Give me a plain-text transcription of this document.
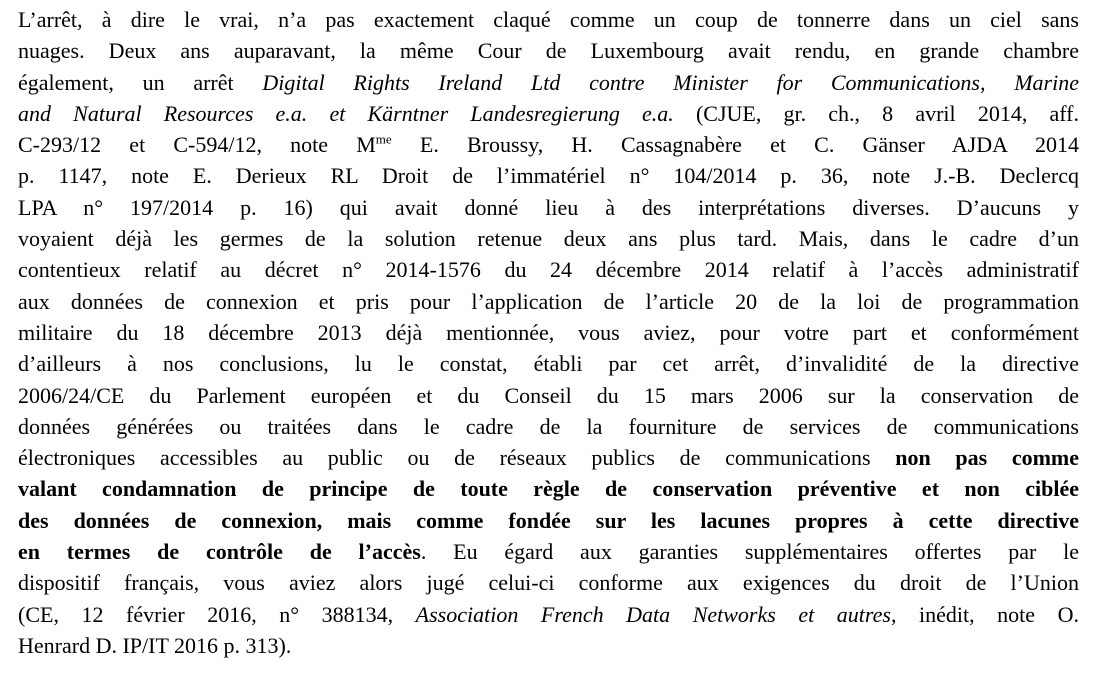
L’arrêt, à dire le vrai, n’a pas exactement claqué comme un coup de tonnerre dans un ciel sans
nuages. Deux ans auparavant, la même Cour de Luxembourg avait rendu, en grande chambre
également, un arrêt Digital Rights Ireland Ltd contre Minister for Communications, Marine
and Natural Resources e.a. et Kärntner Landesregierung e.a. (CJUE, gr. ch., 8 avril 2014, aff.
C-293/12 et C-594/12, note $M^{me}$ E. Broussy, H. Cassagnabère et C. Gänser AJDA 2014
p. 1147, note E. Derieux RL Droit de l’immatériel n° 104/2014 p. 36, note J.-B. Declercq
LPA n° 197/2014 p. 16) qui avait donné lieu à des interprétations diverses. D’aucuns y
voyaient déjà les germes de la solution retenue deux ans plus tard. Mais, dans le cadre d’un
contentieux relatif au décret n° 2014-1576 du 24 décembre 2014 relatif à l’accès administratif
aux données de connexion et pris pour l’application de l’article 20 de la loi de programmation
militaire du 18 décembre 2013 déjà mentionnée, vous aviez, pour votre part et conformément
d’ailleurs à nos conclusions, lu le constat, établi par cet arrêt, d’invalidité de la directive
2006/24/CE du Parlement européen et du Conseil du 15 mars 2006 sur la conservation de
données générées ou traitées dans le cadre de la fourniture de services de communications
électroniques accessibles au public ou de réseaux publics de communications non pas comme
valant condamnation de principe de toute règle de conservation préventive et non ciblée
des données de connexion, mais comme fondée sur les lacunes propres à cette directive
en termes de contrôle de l’accès. Eu égard aux garanties supplémentaires offertes par le
dispositif français, vous aviez alors jugé celui-ci conforme aux exigences du droit de l’Union
(CE, 12 février 2016, n° 388134, Association French Data Networks et autres, inédit, note O.
Henrard D. IP/IT 2016 p. 313).
